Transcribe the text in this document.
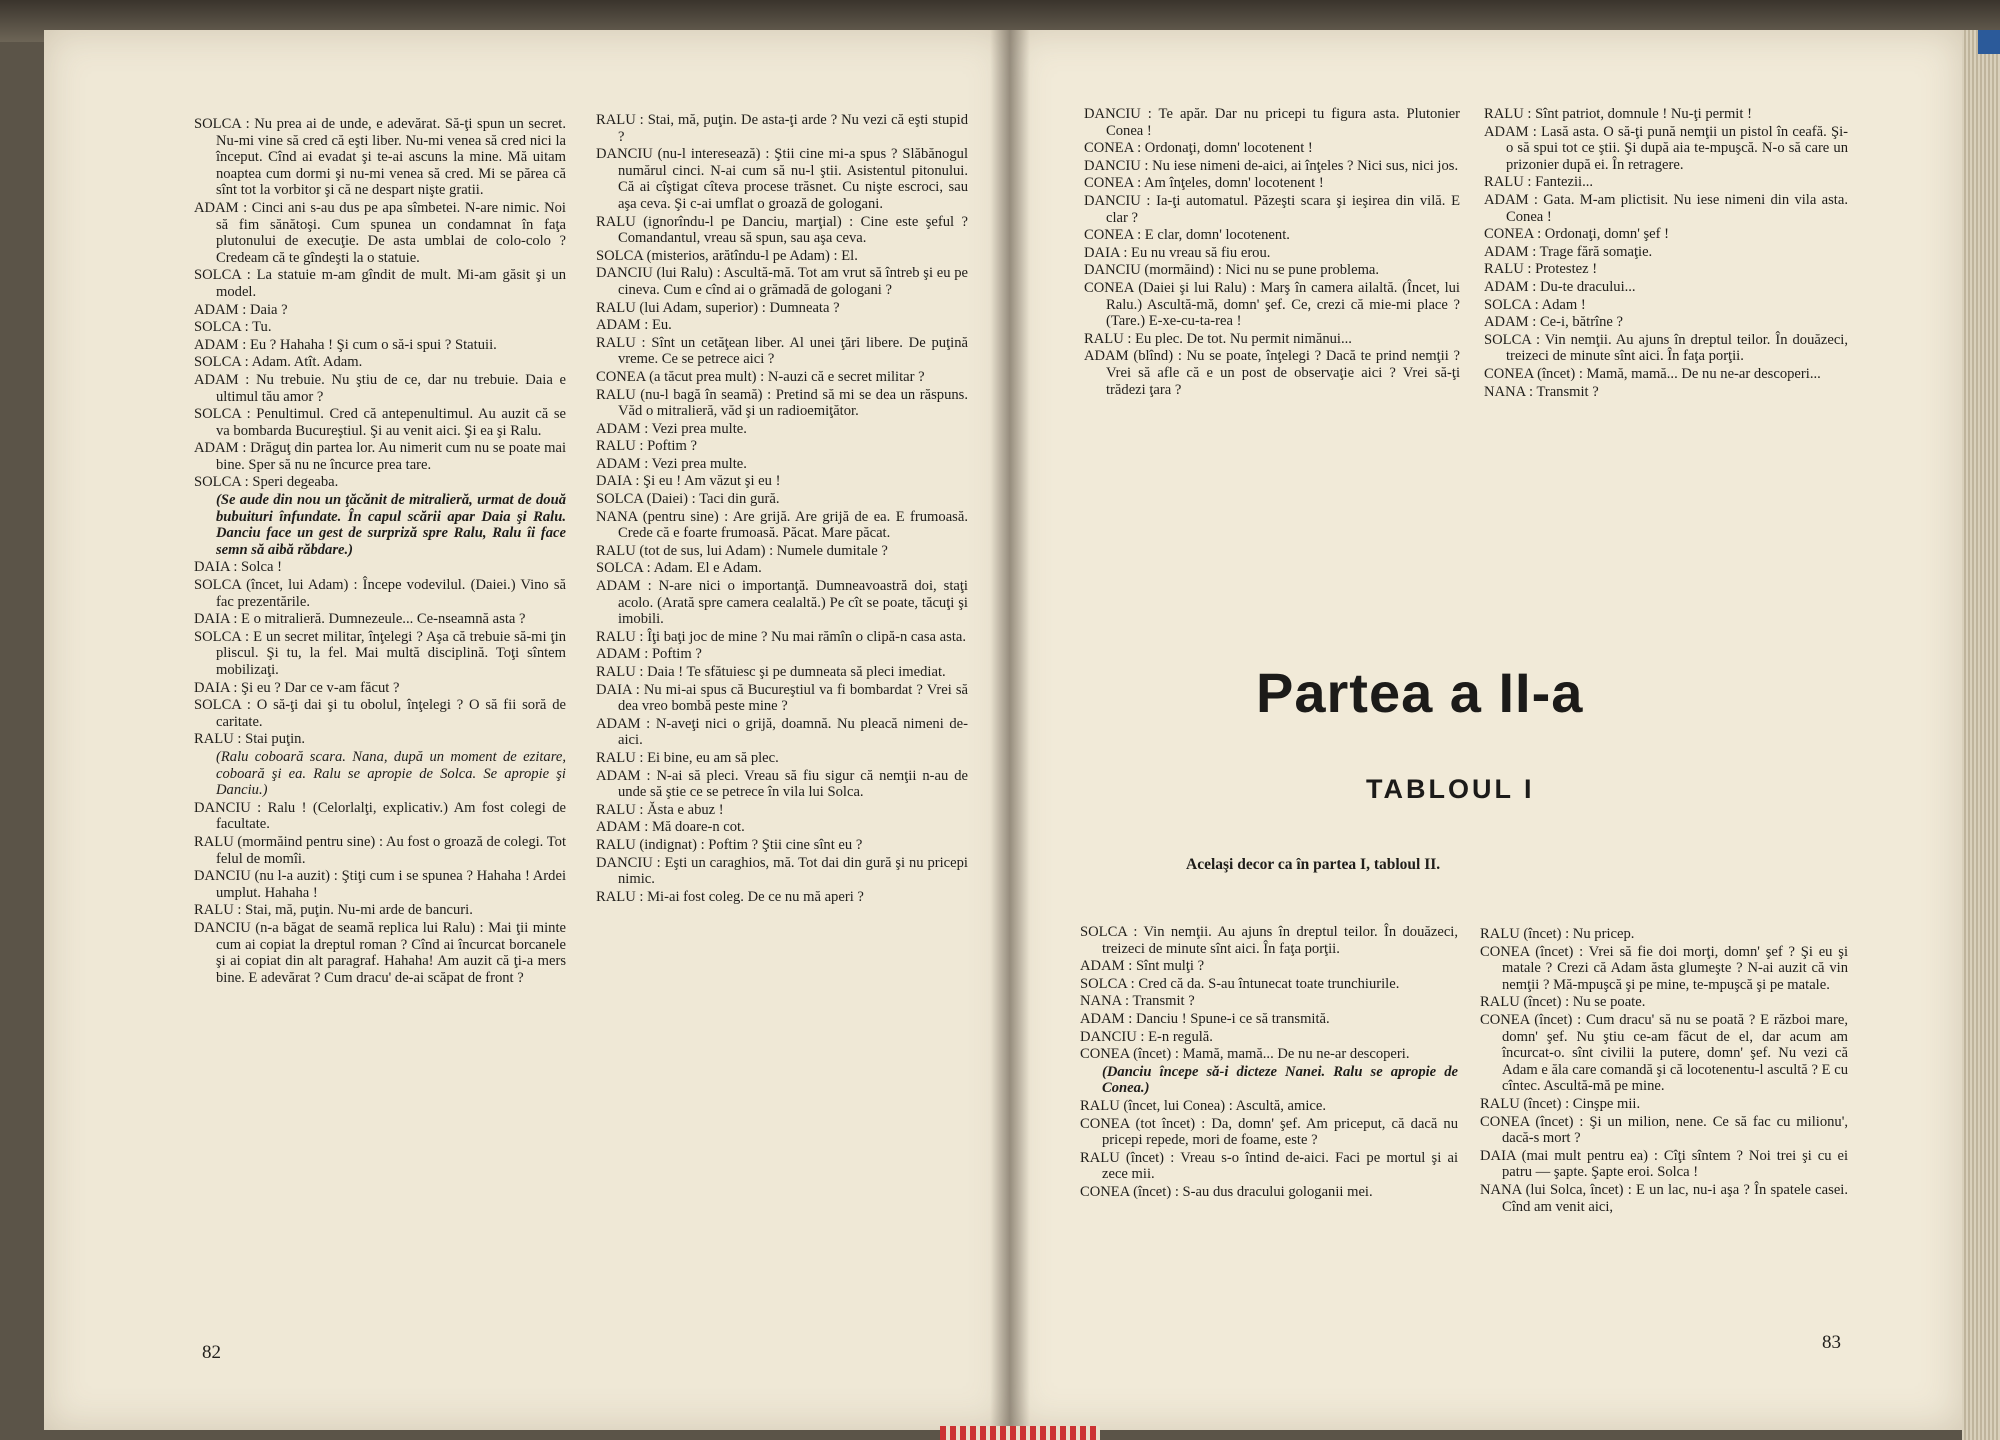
SOLCA : Nu prea ai de unde, e adevărat. Să-ţi spun un secret. Nu-mi vine să cred că eşti liber. Nu-mi venea să cred nici la început. Cînd ai evadat şi te-ai ascuns la mine. Mă uitam noaptea cum dormi şi nu-mi venea să cred. Mi se părea că sînt tot la vorbitor şi că ne despart nişte gratii.

ADAM : Cinci ani s-au dus pe apa sîmbetei. N-are nimic. Noi să fim sănătoşi. Cum spunea un condamnat în faţa plutonului de execuţie. De asta umblai de colo-colo ? Credeam că te gîndeşti la o statuie.

SOLCA : La statuie m-am gîndit de mult. Mi-am găsit şi un model.

ADAM : Daia ?

SOLCA : Tu.

ADAM : Eu ? Hahaha ! Şi cum o să-i spui ? Statuii.

SOLCA : Adam. Atît. Adam.

ADAM : Nu trebuie. Nu ştiu de ce, dar nu trebuie. Daia e ultimul tău amor ?

SOLCA : Penultimul. Cred că antepenultimul. Au auzit că se va bombarda Bucureştiul. Şi au venit aici. Şi ea şi Ralu.

ADAM : Drăguţ din partea lor. Au nimerit cum nu se poate mai bine. Sper să nu ne încurce prea tare.

SOLCA : Speri degeaba.

(Se aude din nou un ţăcănit de mitralieră, urmat de două bubuituri înfundate. În capul scării apar Daia şi Ralu. Danciu face un gest de surpriză spre Ralu, Ralu îi face semn să aibă răbdare.)

DAIA : Solca !

SOLCA (încet, lui Adam) : Începe vodevilul. (Daiei.) Vino să fac prezentările.

DAIA : E o mitralieră. Dumnezeule... Ce-nseamnă asta ?

SOLCA : E un secret militar, înţelegi ? Aşa că trebuie să-mi ţin pliscul. Şi tu, la fel. Mai multă disciplină. Toţi sîntem mobilizaţi.

DAIA : Şi eu ? Dar ce v-am făcut ?

SOLCA : O să-ţi dai şi tu obolul, înţelegi ? O să fii soră de caritate.

RALU : Stai puţin.

(Ralu coboară scara. Nana, după un moment de ezitare, coboară şi ea. Ralu se apropie de Solca. Se apropie şi Danciu.)

DANCIU : Ralu ! (Celorlalţi, explicativ.) Am fost colegi de facultate.

RALU (mormăind pentru sine) : Au fost o groază de colegi. Tot felul de momîi.

DANCIU (nu l-a auzit) : Ştiţi cum i se spunea ? Hahaha ! Ardei umplut. Hahaha !

RALU : Stai, mă, puţin. Nu-mi arde de bancuri.

DANCIU (n-a băgat de seamă replica lui Ralu) : Mai ţii minte cum ai copiat la dreptul roman ? Cînd ai încurcat borcanele şi ai copiat din alt paragraf. Hahaha! Am auzit că ţi-a mers bine. E adevărat ? Cum dracu' de-ai scăpat de front ?

RALU : Stai, mă, puţin. De asta-ţi arde ? Nu vezi că eşti stupid ?

DANCIU (nu-l interesează) : Ştii cine mi-a spus ? Slăbănogul numărul cinci. N-ai cum să nu-l ştii. Asistentul pitonului. Că ai cîştigat cîteva procese trăsnet. Cu nişte escroci, sau aşa ceva. Şi c-ai umflat o groază de gologani.

RALU (ignorîndu-l pe Danciu, marţial) : Cine este şeful ? Comandantul, vreau să spun, sau aşa ceva.

SOLCA (misterios, arătîndu-l pe Adam) : El.

DANCIU (lui Ralu) : Ascultă-mă. Tot am vrut să întreb şi eu pe cineva. Cum e cînd ai o grămadă de gologani ?

RALU (lui Adam, superior) : Dumneata ?

ADAM : Eu.

RALU : Sînt un cetăţean liber. Al unei ţări libere. De puţină vreme. Ce se petrece aici ?

CONEA (a tăcut prea mult) : N-auzi că e secret militar ?

RALU (nu-l bagă în seamă) : Pretind să mi se dea un răspuns. Văd o mitralieră, văd şi un radioemiţător.

ADAM : Vezi prea multe.

RALU : Poftim ?

ADAM : Vezi prea multe.

DAIA : Şi eu ! Am văzut şi eu !

SOLCA (Daiei) : Taci din gură.

NANA (pentru sine) : Are grijă. Are grijă de ea. E frumoasă. Crede că e foarte frumoasă. Păcat. Mare păcat.

RALU (tot de sus, lui Adam) : Numele dumitale ?

SOLCA : Adam. El e Adam.

ADAM : N-are nici o importanţă. Dumneavoastră doi, staţi acolo. (Arată spre camera cealaltă.) Pe cît se poate, tăcuţi şi imobili.

RALU : Îţi baţi joc de mine ? Nu mai rămîn o clipă-n casa asta.

ADAM : Poftim ?

RALU : Daia ! Te sfătuiesc şi pe dumneata să pleci imediat.

DAIA : Nu mi-ai spus că Bucureştiul va fi bombardat ? Vrei să dea vreo bombă peste mine ?

ADAM : N-aveţi nici o grijă, doamnă. Nu pleacă nimeni de-aici.

RALU : Ei bine, eu am să plec.

ADAM : N-ai să pleci. Vreau să fiu sigur că nemţii n-au de unde să ştie ce se petrece în vila lui Solca.

RALU : Ăsta e abuz !

ADAM : Mă doare-n cot.

RALU (indignat) : Poftim ? Ştii cine sînt eu ?

DANCIU : Eşti un caraghios, mă. Tot dai din gură şi nu pricepi nimic.

RALU : Mi-ai fost coleg. De ce nu mă aperi ?

DANCIU : Te apăr. Dar nu pricepi tu figura asta. Plutonier Conea !

CONEA : Ordonaţi, domn' locotenent !

DANCIU : Nu iese nimeni de-aici, ai înţeles ? Nici sus, nici jos.

CONEA : Am înţeles, domn' locotenent !

DANCIU : Ia-ţi automatul. Păzeşti scara şi ieşirea din vilă. E clar ?

CONEA : E clar, domn' locotenent.

DAIA : Eu nu vreau să fiu erou.

DANCIU (mormăind) : Nici nu se pune problema.

CONEA (Daiei şi lui Ralu) : Marş în camera ailaltă. (Încet, lui Ralu.) Ascultă-mă, domn' şef. Ce, crezi că mie-mi place ? (Tare.) E-xe-cu-ta-rea !

RALU : Eu plec. De tot. Nu permit nimănui...

ADAM (blînd) : Nu se poate, înţelegi ? Dacă te prind nemţii ? Vrei să afle că e un post de observaţie aici ? Vrei să-ţi trădezi ţara ?

RALU : Sînt patriot, domnule ! Nu-ţi permit !

ADAM : Lasă asta. O să-ţi pună nemţii un pistol în ceafă. Şi-o să spui tot ce ştii. Şi după aia te-mpuşcă. N-o să care un prizonier după ei. În retragere.

RALU : Fantezii...

ADAM : Gata. M-am plictisit. Nu iese nimeni din vila asta. Conea !

CONEA : Ordonaţi, domn' şef !

ADAM : Trage fără somaţie.

RALU : Protestez !

ADAM : Du-te dracului...

SOLCA : Adam !

ADAM : Ce-i, bătrîne ?

SOLCA : Vin nemţii. Au ajuns în dreptul teilor. În douăzeci, treizeci de minute sînt aici. În faţa porţii.

CONEA (încet) : Mamă, mamă... De nu ne-ar descoperi...

NANA : Transmit ?

Partea a II-a
TABLOUL I
Acelaşi decor ca în partea I, tabloul II.

SOLCA : Vin nemţii. Au ajuns în dreptul teilor. În douăzeci, treizeci de minute sînt aici. În faţa porţii.

ADAM : Sînt mulţi ?

SOLCA : Cred că da. S-au întunecat toate trunchiurile.

NANA : Transmit ?

ADAM : Danciu ! Spune-i ce să transmită.

DANCIU : E-n regulă.

CONEA (încet) : Mamă, mamă... De nu ne-ar descoperi.

(Danciu începe să-i dicteze Nanei. Ralu se apropie de Conea.)

RALU (încet, lui Conea) : Ascultă, amice.

CONEA (tot încet) : Da, domn' şef. Am priceput, că dacă nu pricepi repede, mori de foame, este ?

RALU (încet) : Vreau s-o întind de-aici. Faci pe mortul şi ai zece mii.

CONEA (încet) : S-au dus dracului gologanii mei.

RALU (încet) : Nu pricep.

CONEA (încet) : Vrei să fie doi morţi, domn' şef ? Şi eu şi matale ? Crezi că Adam ăsta glumeşte ? N-ai auzit că vin nemţii ? Mă-mpuşcă şi pe mine, te-mpuşcă şi pe matale.

RALU (încet) : Nu se poate.

CONEA (încet) : Cum dracu' să nu se poată ? E război mare, domn' şef. Nu ştiu ce-am făcut de el, dar acum am încurcat-o. sînt civilii la putere, domn' şef. Nu vezi că Adam e ăla care comandă şi că locotenentu-l ascultă ? E cu cîntec. Ascultă-mă pe mine.

RALU (încet) : Cinşpe mii.

CONEA (încet) : Şi un milion, nene. Ce să fac cu milionu', dacă-s mort ?

DAIA (mai mult pentru ea) : Cîţi sîntem ? Noi trei şi cu ei patru — şapte. Şapte eroi. Solca !

NANA (lui Solca, încet) : E un lac, nu-i aşa ? În spatele casei. Cînd am venit aici,

82	83
